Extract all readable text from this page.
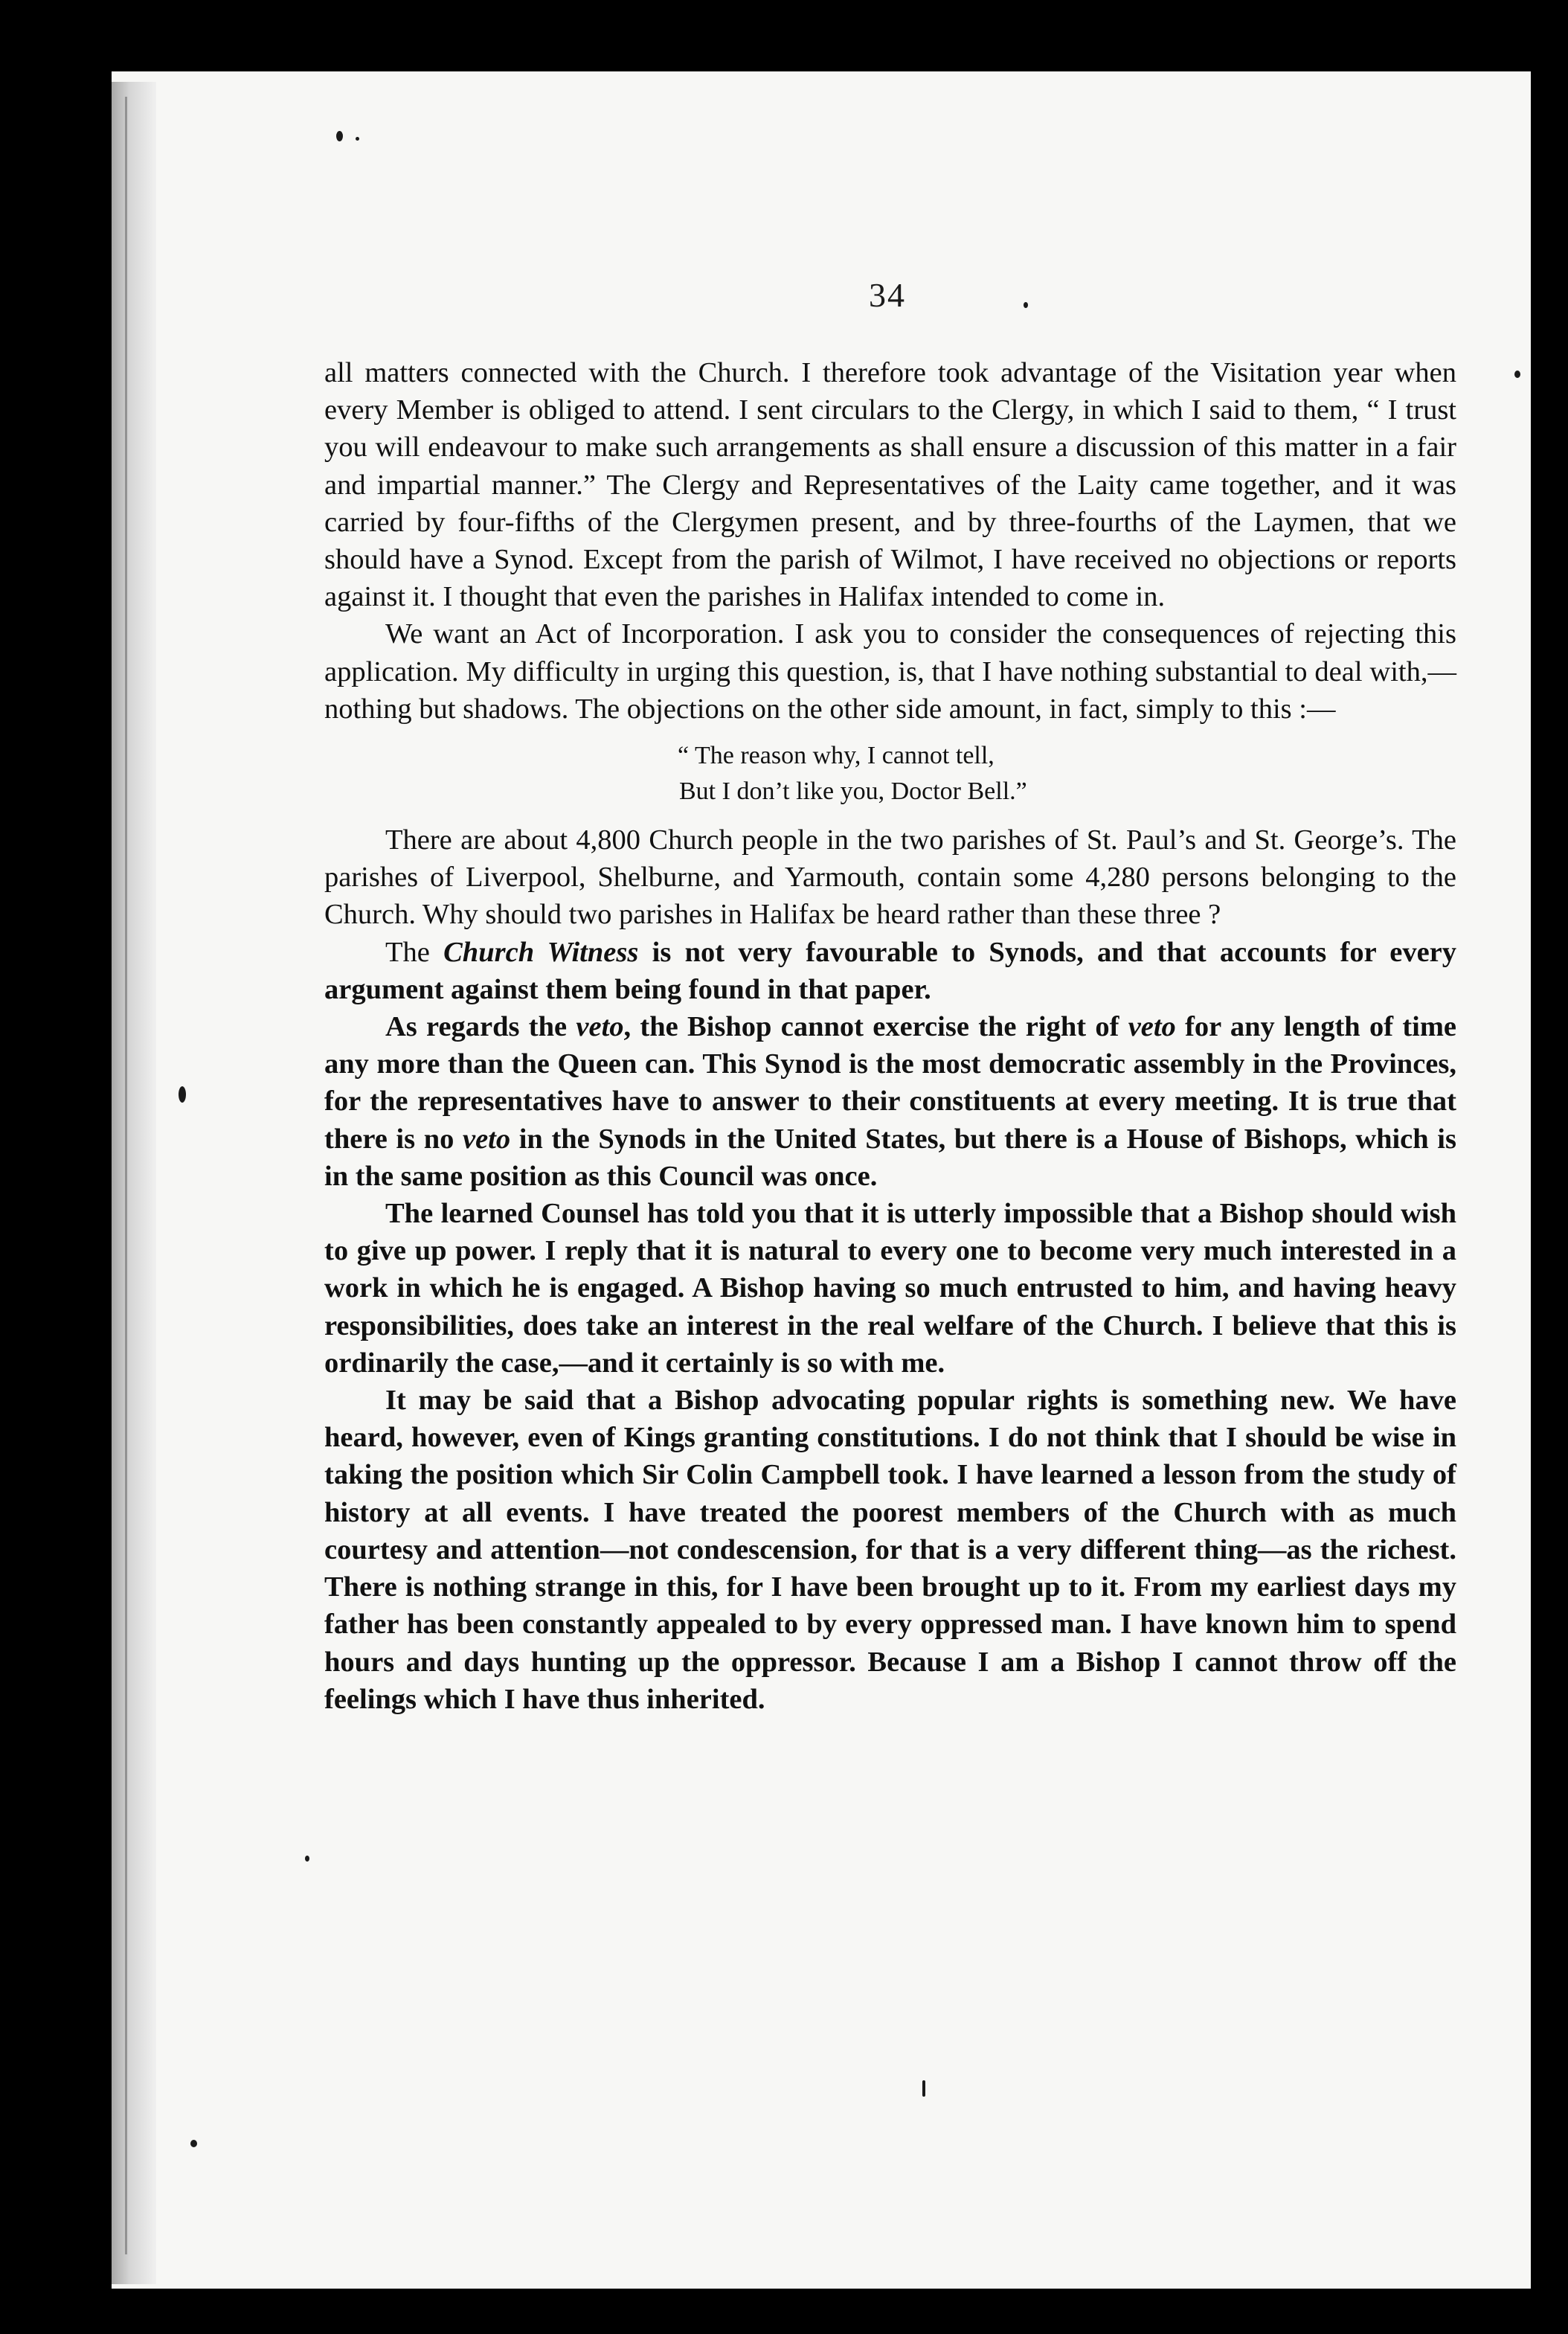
34

all matters connected with the Church. I therefore took advantage of the Visitation year when every Member is obliged to attend. I sent circulars to the Clergy, in which I said to them, “ I trust you will endeavour to make such arrangements as shall ensure a discussion of this matter in a fair and impartial manner.” The Clergy and Representatives of the Laity came together, and it was carried by four-fifths of the Clergymen present, and by three-fourths of the Laymen, that we should have a Synod. Except from the parish of Wilmot, I have received no objections or reports against it. I thought that even the parishes in Halifax intended to come in.

We want an Act of Incorporation. I ask you to consider the consequences of rejecting this application. My difficulty in urging this question, is, that I have nothing substantial to deal with,—nothing but shadows. The objections on the other side amount, in fact, simply to this :—

“ The reason why, I cannot tell,
But I don’t like you, Doctor Bell.”

There are about 4,800 Church people in the two parishes of St. Paul’s and St. George’s. The parishes of Liverpool, Shelburne, and Yarmouth, contain some 4,280 persons belonging to the Church. Why should two parishes in Halifax be heard rather than these three ?

The Church Witness is not very favourable to Synods, and that accounts for every argument against them being found in that paper.

As regards the veto, the Bishop cannot exercise the right of veto for any length of time any more than the Queen can. This Synod is the most democratic assembly in the Provinces, for the representatives have to answer to their constituents at every meeting. It is true that there is no veto in the Synods in the United States, but there is a House of Bishops, which is in the same position as this Council was once.

The learned Counsel has told you that it is utterly impossible that a Bishop should wish to give up power. I reply that it is natural to every one to become very much interested in a work in which he is engaged. A Bishop having so much entrusted to him, and having heavy responsibilities, does take an interest in the real welfare of the Church. I believe that this is ordinarily the case,—and it certainly is so with me.

It may be said that a Bishop advocating popular rights is something new. We have heard, however, even of Kings granting constitutions. I do not think that I should be wise in taking the position which Sir Colin Campbell took. I have learned a lesson from the study of history at all events. I have treated the poorest members of the Church with as much courtesy and attention—not condescension, for that is a very different thing—as the richest. There is nothing strange in this, for I have been brought up to it. From my earliest days my father has been constantly appealed to by every oppressed man. I have known him to spend hours and days hunting up the oppressor. Because I am a Bishop I cannot throw off the feelings which I have thus inherited.
